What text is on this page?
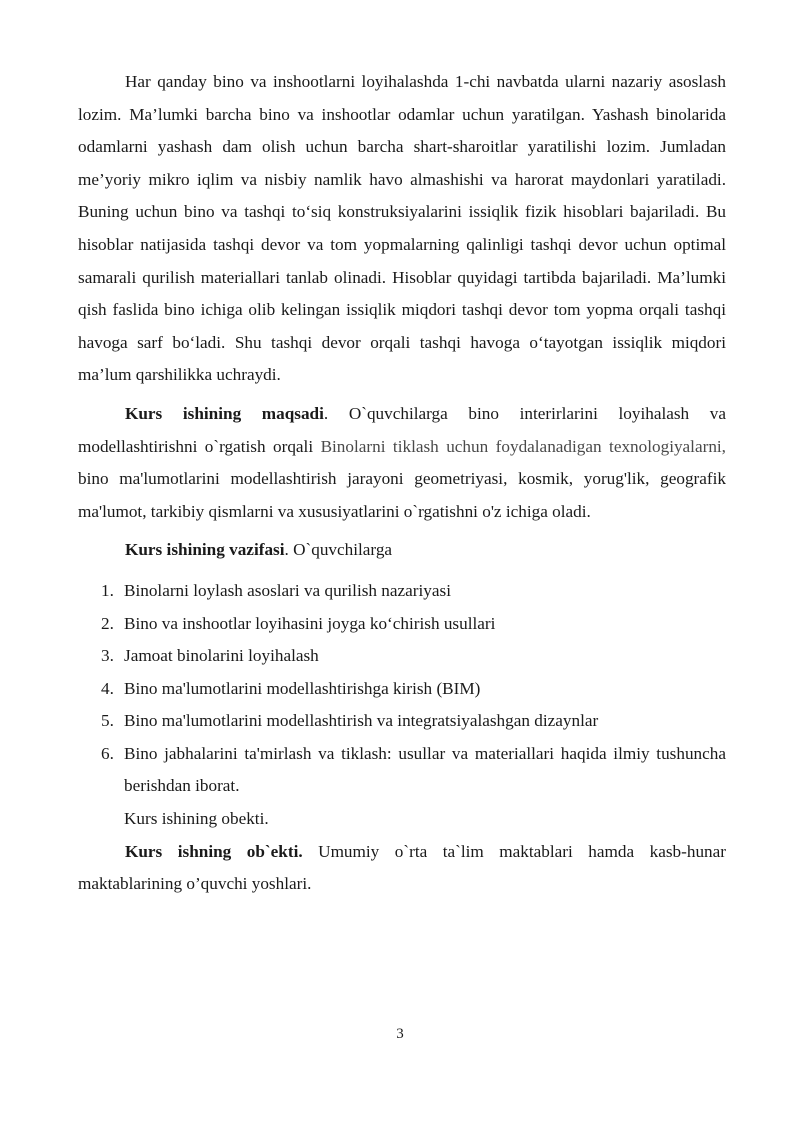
Har qanday bino va inshootlarni loyihalashda 1-chi navbatda ularni nazariy asoslash lozim. Ma’lumki barcha bino va inshootlar odamlar uchun yaratilgan. Yashash binolarida odamlarni yashash dam olish uchun barcha shart-sharoitlar yaratilishi lozim. Jumladan me’yoriy mikro iqlim va nisbiy namlik havo almashishi va harorat maydonlari yaratiladi. Buning uchun bino va tashqi to‘siq konstruksiyalarini issiqlik fizik hisoblari bajariladi. Bu hisoblar natijasida tashqi devor va tom yopmalarning qalinligi tashqi devor uchun optimal samarali qurilish materiallari tanlab olinadi. Hisoblar quyidagi tartibda bajariladi. Ma’lumki qish faslida bino ichiga olib kelingan issiqlik miqdori tashqi devor tom yopma orqali tashqi havoga sarf bo‘ladi. Shu tashqi devor orqali tashqi havoga o‘tayotgan issiqlik miqdori ma’lum qarshilikka uchraydi.

Kurs ishining maqsadi. O`quvchilarga bino interirlarini loyihalash va modellashtirishni o`rgatish orqali Binolarni tiklash uchun foydalanadigan texnologiyalarni, bino ma'lumotlarini modellashtirish jarayoni geometriyasi, kosmik, yorug'lik, geografik ma'lumot, tarkibiy qismlarni va xususiyatlarini o`rgatishni o'z ichiga oladi.

Kurs ishining vazifasi. O`quvchilarga

1. Binolarni loylash asoslari va qurilish nazariyasi
2. Bino va inshootlar loyihasini joyga ko‘chirish usullari
3. Jamoat binolarini loyihalash
4. Bino ma'lumotlarini modellashtirishga kirish (BIM)
5. Bino ma'lumotlarini modellashtirish va integratsiyalashgan dizaynlar
6. Bino jabhalarini ta'mirlash va tiklash: usullar va materiallari haqida ilmiy tushuncha berishdan iborat.

Kurs ishining obekti.

Kurs ishning ob`ekti. Umumiy o`rta ta`lim maktablari hamda kasb-hunar maktablarining o’quvchi yoshlari.

3
